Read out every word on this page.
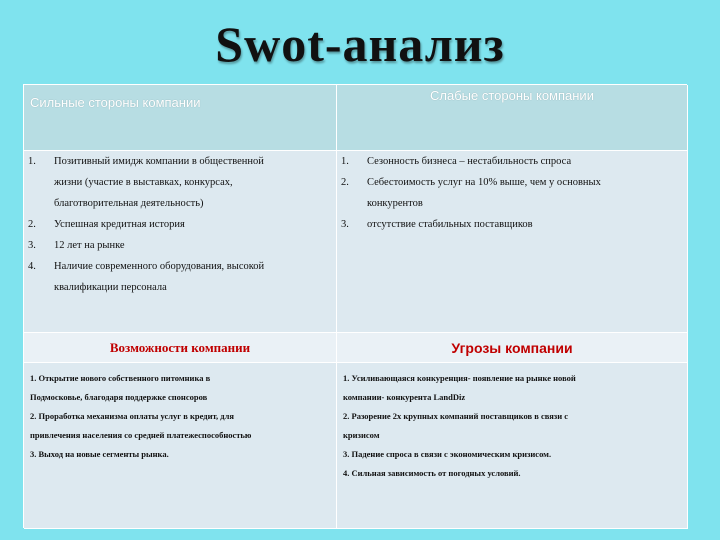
Swot-анализ
Сильные стороны компании	Слабые стороны компании
1. Позитивный имидж компании в общественной
жизни (участие в выставках, конкурсах,
благотворительная деятельность)
2. Успешная кредитная история
3. 12 лет на рынке
4. Наличие современного оборудования, высокой
квалификации персонала
1. Сезонность бизнеса – нестабильность спроса
2. Себестоимость услуг на 10% выше, чем у основных
конкурентов
3. отсутствие стабильных поставщиков
Возможности компании	Угрозы компании

1. Открытие нового собственного питомника в

Подмосковье, благодаря поддержке спонсоров

2. Проработка механизма оплаты услуг в кредит, для

привлечения населения со средней платежеспособностью

3. Выход на новые сегменты рынка.

1. Усиливающаяся конкуренция- появление на рынке новой

компании- конкурента LandDiz

2. Разорение 2х крупных компаний поставщиков в связи с

кризисом

3. Падение спроса в связи с экономическим кризисом.

4. Сильная зависимость от погодных условий.
